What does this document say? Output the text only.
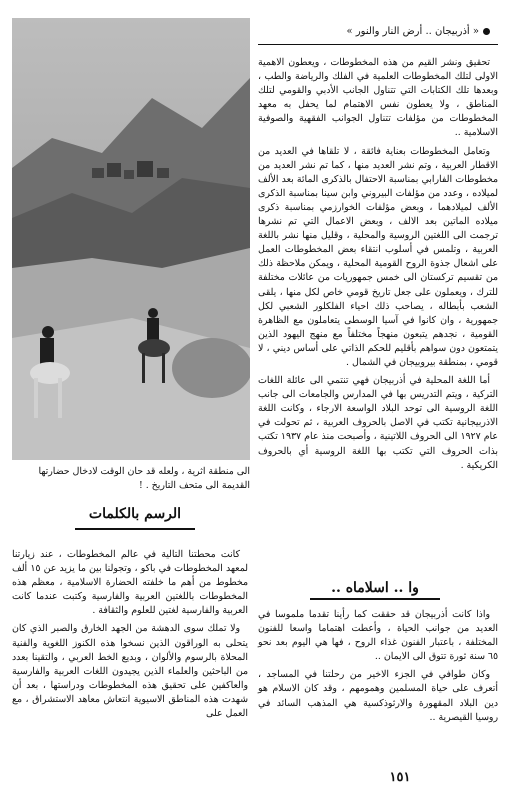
« أذربيجان .. أرض النار والنور »

تحقيق ونشر القيم من هذه المخطوطات ، ويعطون الاهمية الاولى لتلك المخطوطات العلمية في الفلك والرياضة والطب ، وبعدها تلك الكتابات التي تتناول الجانب الأدبي والقومي لتلك المناطق ، ولا يعطون نفس الاهتمام لما يحفل به معهد المخطوطات من مؤلفات تتناول الجوانب الفقهية والصوفية الاسلامية ..

وتعامل المخطوطات بعناية فائقة ، لا تلقاها في العديد من الاقطار العربية ، وتم نشر العديد منها ، كما تم نشر العديد من مخطوطات الفارابي بمناسبة الاحتفال بالذكرى المائة بعد الألف لميلاده ، وعدد من مؤلفات البيروني وابن سينا بمناسبة الذكرى الألف لميلادهما ، وبعض مؤلفات الخوارزمي بمناسبة ذكرى ميلاده الماتين بعد الالف ، وبعض الاعمال التي تم نشرها ترجمت الى اللغتين الروسية والمحلية ، وقليل منها نشر باللغة العربية ، وتلمس في أسلوب انتقاء بعض المخطوطات العمل على اشعال جذوة الروح القومية المحلية ، ويمكن ملاحظة ذلك من تقسيم تركستان الى خمس جمهوريات من عائلات مختلفة للترك ، ويعملون على جعل تاريخ قومي خاص لكل منها ، يلقى الشعب بأبطاله ، يصاحب ذلك احياء الفلكلور الشعبي لكل جمهورية ، وان كانوا في آسيا الوسطى يتعاملون مع الظاهرة القومية ، نجدهم يتبعون منهجاً مختلفاً مع منهج اليهود الذين يتمتعون دون سواهم بأقليم للحكم الذاتي على أساس ديني ، لا قومي ، بمنطقة بيروبيجان في الشمال .

أما اللغة المحلية في أذربيجان فهي تنتمي الى عائلة اللغات التركية ، ويتم التدريس بها في المدارس والجامعات الى جانب اللغة الروسية الى توحد البلاد الواسعة الارجاء ، وكانت اللغة الاذربيجانية تكتب في الاصل بالحروف العربية ، ثم تحولت في عام ١٩٢٧ الى الحروف اللاتينية ، وأصبحت منذ عام ١٩٣٧ تكتب بذات الحروف التي تكتب بها اللغة الروسية أي بالحروف الكريكية .

الى منطقة اثرية ، ولعله قد حان الوقت لادخال حضارتها القديمة الى متحف التاريخ . !
الرسم بالكلمات

كانت محطتنا التالية في عالم المخطوطات ، عند زيارتنا لمعهد المخطوطات في باكو ، وتجولنا بين ما يزيد عن ١٥ ألف مخطوط من أهم ما خلفته الحضارة الاسلامية ، معظم هذه المخطوطات باللغتين العربية والفارسية وكتبت عندما كانت العربية والفارسية لغتين للعلوم والثقافة .

ولا تملك سوى الدهشة من الجهد الخارق والصبر الذي كان يتحلى به الوراقون الذين نسخوا هذه الكنوز اللغوية والفنية المحلاة بالرسوم والألوان ، وبديع الخط العربي ، والتقينا بعدد من الباحثين والعلماء الذين يجيدون اللغات العربية والفارسية والعاكفين على تحقيق هذه المخطوطات ودراستها ، بعد أن شهدت هذه المناطق الاسيوية انتعاش معاهد الاستشراق ، مع العمل على

وا .. اسلاماه ..

واذا كانت أذربيجان قد حققت كما رأينا تقدما ملموسا في العديد من جوانب الحياة ، وأعطت اهتماما واسعا للفنون المختلفة ، باعتبار الفنون غذاء الروح ، فها هي اليوم بعد نحو ٦٥ سنة ثورة تتوق الى الايمان ..

وكان طوافي في الجزء الاخير من رحلتنا في المساجد ، أتعرف على حياة المسلمين وهمومهم ، وقد كان الاسلام هو دين البلاد المقهورة والارثوذكسية هي المذهب السائد في روسيا القيصرية ..

١٥١
